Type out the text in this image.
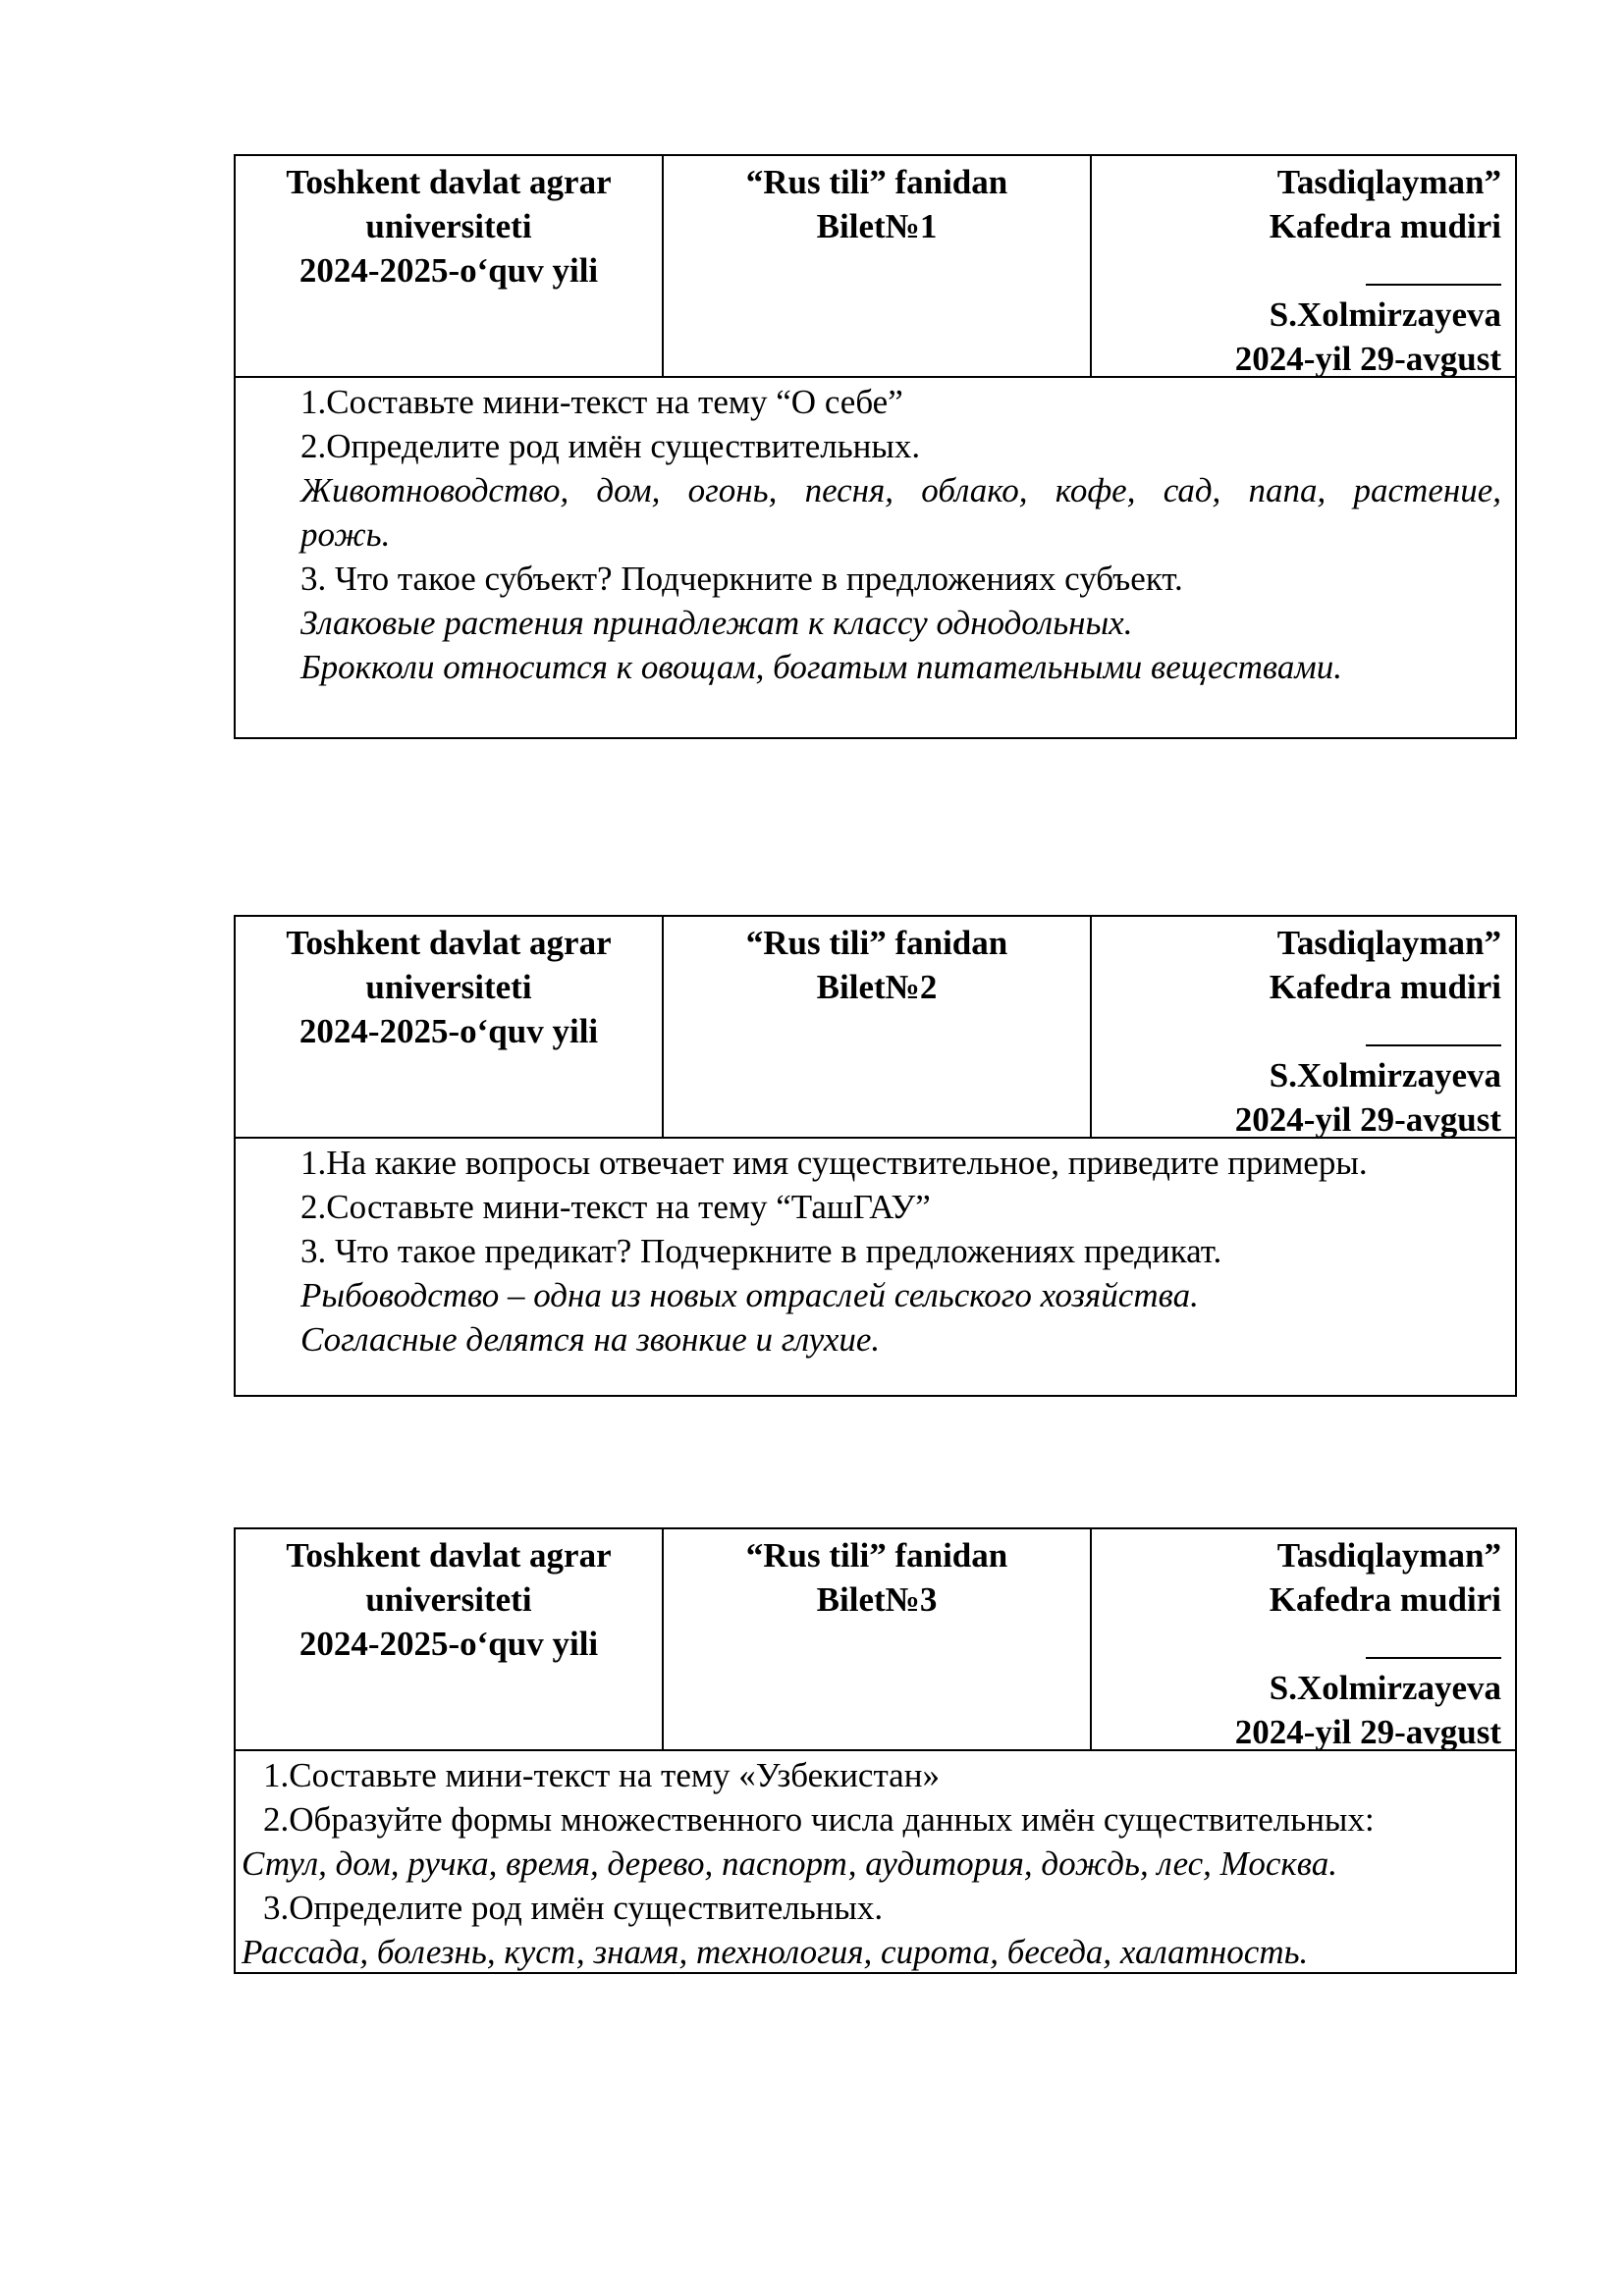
Toshkent davlat agrar
universiteti
2024-2025-o‘quv yili
“Rus tili” fanidan
Bilet№1
Tasdiqlayman”
Kafedra mudiri
S.Xolmirzayeva
2024-yil 29-avgust
1.Составьте мини-текст на тему “О себе”
2.Определите род имён существительных.
Животноводство, дом, огонь, песня, облако, кофе, сад, папа, растение,
рожь.
3. Что такое субъект? Подчеркните в предложениях субъект.
Злаковые растения принадлежат к классу однодольных.
Брокколи относится к овощам, богатым питательными веществами.
Toshkent davlat agrar
universiteti
2024-2025-o‘quv yili
“Rus tili” fanidan
Bilet№2
Tasdiqlayman”
Kafedra mudiri
S.Xolmirzayeva
2024-yil 29-avgust
1.На какие вопросы отвечает имя существительное, приведите примеры.
2.Составьте мини-текст на тему “ТашГАУ”
3. Что такое предикат? Подчеркните в предложениях предикат.
Рыбоводство – одна из новых отраслей сельского хозяйства.
Согласные делятся на звонкие и глухие.
Toshkent davlat agrar
universiteti
2024-2025-o‘quv yili
“Rus tili” fanidan
Bilet№3
Tasdiqlayman”
Kafedra mudiri
S.Xolmirzayeva
2024-yil 29-avgust
1.Составьте мини-текст на тему «Узбекистан»
2.Образуйте формы множественного числа данных имён существительных:
Стул, дом, ручка, время, дерево, паспорт, аудитория, дождь, лес, Москва.
3.Определите род имён существительных.
Рассада, болезнь, куст, знамя, технология, сирота, беседа, халатность.
